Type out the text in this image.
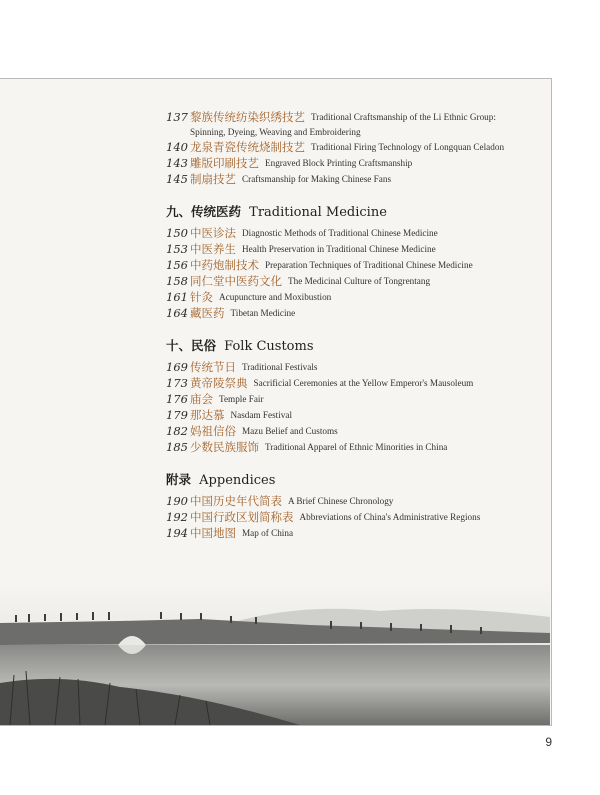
137 黎族传统纺染织绣技艺 Traditional Craftsmanship of the Li Ethnic Group:
Spinning, Dyeing, Weaving and Embroidering
140 龙泉青瓷传统烧制技艺 Traditional Firing Technology of Longquan Celadon
143 雕版印刷技艺 Engraved Block Printing Craftsmanship
145 制扇技艺 Craftsmanship for Making Chinese Fans
九、传统医药 Traditional Medicine
150 中医诊法 Diagnostic Methods of Traditional Chinese Medicine
153 中医养生 Health Preservation in Traditional Chinese Medicine
156 中药炮制技术 Preparation Techniques of Traditional Chinese Medicine
158 同仁堂中医药文化 The Medicinal Culture of Tongrentang
161 针灸 Acupuncture and Moxibustion
164 藏医药 Tibetan Medicine
十、民俗 Folk Customs
169 传统节日 Traditional Festivals
173 黄帝陵祭典 Sacrificial Ceremonies at the Yellow Emperor's Mausoleum
176 庙会 Temple Fair
179 那达慕 Nasdam Festival
182 妈祖信俗 Mazu Belief and Customs
185 少数民族服饰 Traditional Apparel of Ethnic Minorities in China
附录 Appendices
190 中国历史年代简表 A Brief Chinese Chronology
192 中国行政区划简称表 Abbreviations of China's Administrative Regions
194 中国地图 Map of China
9
